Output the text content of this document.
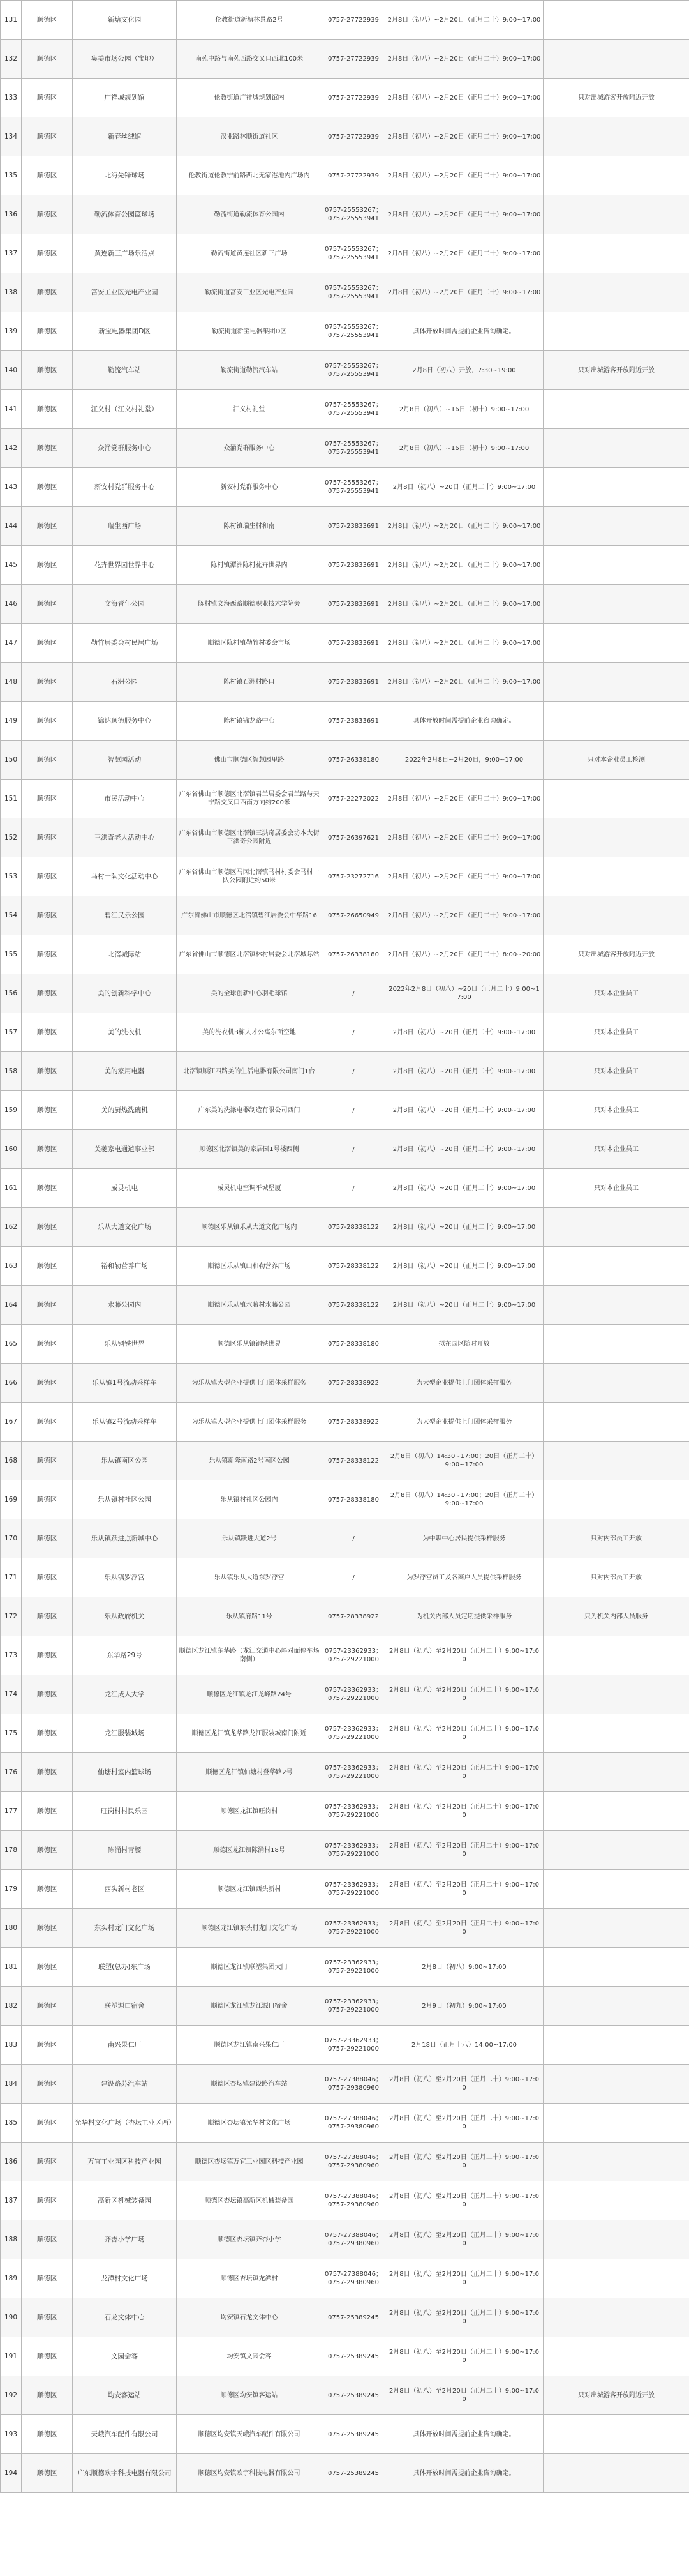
131	顺德区	新塘文化园	伦教街道新塘林景路2号	0757-27722939	2月8日（初八）~2月20日（正月二十）9:00~17:00	
132	顺德区	集美市场公园（宝地）	南苑中路与南苑西路交叉口西北100米	0757-27722939	2月8日（初八）~2月20日（正月二十）9:00~17:00	
133	顺德区	广祥城规划馆	伦教街道广祥城规划馆内	0757-27722939	2月8日（初八）~2月20日（正月二十）9:00~17:00	只对出城游客开放附近开放
134	顺德区	新春丝绒馆	汉业路林顺街道社区	0757-27722939	2月8日（初八）~2月20日（正月二十）9:00~17:00	
135	顺德区	北海先锋球场	伦教街道伦教宁前路西北无家港池内广场内	0757-27722939	2月8日（初八）~2月20日（正月二十）9:00~17:00	
136	顺德区	勒流体育公园篮球场	勒流街道勒流体育公园内	0757-25553267；0757-25553941	2月8日（初八）~2月20日（正月二十）9:00~17:00	
137	顺德区	黄连新三广场乐活点	勒流街道黄连社区新三广场	0757-25553267；0757-25553941	2月8日（初八）~2月20日（正月二十）9:00~17:00	
138	顺德区	富安工业区光电产业园	勒流街道富安工业区光电产业园	0757-25553267；0757-25553941	2月8日（初八）~2月20日（正月二十）9:00~17:00	
139	顺德区	新宝电器集团D区	勒流街道新宝电器集团D区	0757-25553267；0757-25553941	具体开放时间需提前企业咨询确定。	
140	顺德区	勒流汽车站	勒流街道勒流汽车站	0757-25553267；0757-25553941	2月8日（初八）开放，7:30~19:00	只对出城游客开放附近开放
141	顺德区	江义村（江义村礼堂）	江义村礼堂	0757-25553267；0757-25553941	2月8日（初八）~16日（初十）9:00~17:00	
142	顺德区	众涌党群服务中心	众涌党群服务中心	0757-25553267；0757-25553941	2月8日（初八）~16日（初十）9:00~17:00	
143	顺德区	新安村党群服务中心	新安村党群服务中心	0757-25553267；0757-25553941	2月8日（初八）~20日（正月二十）9:00~17:00	
144	顺德区	瑞生西广场	陈村镇瑞生村和南	0757-23833691	2月8日（初八）~2月20日（正月二十）9:00~17:00	
145	顺德区	花卉世界园世界中心	陈村镇潭洲陈村花卉世界内	0757-23833691	2月8日（初八）~2月20日（正月二十）9:00~17:00	
146	顺德区	文海青年公园	陈村镇文海西路顺德职业技术学院旁	0757-23833691	2月8日（初八）~2月20日（正月二十）9:00~17:00	
147	顺德区	勒竹居委会村民居广场	顺德区陈村镇勒竹村委会市场	0757-23833691	2月8日（初八）~2月20日（正月二十）9:00~17:00	
148	顺德区	石洲公园	陈村镇石洲村路口	0757-23833691	2月8日（初八）~2月20日（正月二十）9:00~17:00	
149	顺德区	锦达顺德服务中心	陈村镇锦龙路中心	0757-23833691	具体开放时间需提前企业咨询确定。	
150	顺德区	智慧园活动	佛山市顺德区智慧园里路	0757-26338180	2022年2月8日~2月20日，9:00~17:00	只对本企业员工检测
151	顺德区	市民活动中心	广东省佛山市顺德区北滘镇君兰居委会君兰路与天宁路交叉口西南方向约200米	0757-22272022	2月8日（初八）~2月20日（正月二十）9:00~17:00	
152	顺德区	三洪奇老人活动中心	广东省佛山市顺德区北滘镇三洪奇居委会坊本大街三洪奇公园附近	0757-26397621	2月8日（初八）~2月20日（正月二十）9:00~17:00	
153	顺德区	马村一队文化活动中心	广东省佛山市顺德区马冈北滘镇马村村委会马村一队公园附近约50米	0757-23272716	2月8日（初八）~2月20日（正月二十）9:00~17:00	
154	顺德区	碧江民乐公园	广东省佛山市顺德区北滘镇碧江居委会中华路16	0757-26650949	2月8日（初八）~2月20日（正月二十）9:00~17:00	
155	顺德区	北滘城际站	广东省佛山市顺德区北滘镇林村居委会北滘城际站	0757-26338180	2月8日（初八）~2月20日（正月二十）8:00~20:00	只对出城游客开放附近开放
156	顺德区	美的创新科学中心	美的全球创新中心羽毛球馆	/	2022年2月8日（初八）~20日（正月二十）9:00~17:00	只对本企业员工
157	顺德区	美的洗衣机	美的洗衣机B栋人才公寓东面空地	/	2月8日（初八）~20日（正月二十）9:00~17:00	只对本企业员工
158	顺德区	美的家用电器	北滘镇顺江四路美的生活电器有限公司南门1台	/	2月8日（初八）~20日（正月二十）9:00~17:00	只对本企业员工
159	顺德区	美的厨热洗碗机	广东美的洗涤电器制造有限公司西门	/	2月8日（初八）~20日（正月二十）9:00~17:00	只对本企业员工
160	顺德区	美菱家电通道事业部	顺德区北滘镇美的家居园1号楼西侧	/	2月8日（初八）~20日（正月二十）9:00~17:00	只对本企业员工
161	顺德区	威灵机电	威灵机电空调平城堡厦	/	2月8日（初八）~20日（正月二十）9:00~17:00	只对本企业员工
162	顺德区	乐从大道文化广场	顺德区乐从镇乐从大道文化广场内	0757-28338122	2月8日（初八）~20日（正月二十）9:00~17:00	
163	顺德区	裕和勒营养广场	顺德区乐从镇山和勒营养广场	0757-28338122	2月8日（初八）~20日（正月二十）9:00~17:00	
164	顺德区	水藤公园内	顺德区乐从镇水藤村水藤公园	0757-28338122	2月8日（初八）~20日（正月二十）9:00~17:00	
165	顺德区	乐从钢铁世界	顺德区乐从镇钢铁世界	0757-28338180	拟在园区随时开放	
166	顺德区	乐从镇1号流动采样车	为乐从镇大型企业提供上门团体采样服务	0757-28338922	为大型企业提供上门团体采样服务	
167	顺德区	乐从镇2号流动采样车	为乐从镇大型企业提供上门团体采样服务	0757-28338922	为大型企业提供上门团体采样服务	
168	顺德区	乐从镇南区公园	乐从镇新隆南路2号南区公园	0757-28338122	2月8日（初八）14:30~17:00；20日（正月二十）9:00~17:00	
169	顺德区	乐从镇村社区公园	乐从镇村社区公园内	0757-28338180	2月8日（初八）14:30~17:00；20日（正月二十）9:00~17:00	
170	顺德区	乐从镇跃进点新城中心	乐从镇跃进大道2号	/	为中职中心居民提供采样服务	只对内部员工开放
171	顺德区	乐从镇罗浮宫	乐从镇乐从大道东罗浮宫	/	为罗浮宫员工及各商户人员提供采样服务	只对内部员工开放
172	顺德区	乐从政府机关	乐从镇府路11号	0757-28338922	为机关内部人员定期提供采样服务	只为机关内部人员服务
173	顺德区	东华路29号	顺德区龙江镇东华路（龙江交通中心斜对面停车场南侧）	0757-23362933；0757-29221000	2月8日（初八）至2月20日（正月二十）9:00~17:00	
174	顺德区	龙江成人大学	顺德区龙江镇龙江龙峰路24号	0757-23362933；0757-29221000	2月8日（初八）至2月20日（正月二十）9:00~17:00	
175	顺德区	龙江服装城场	顺德区龙江镇龙华路龙江服装城南门附近	0757-23362933；0757-29221000	2月8日（初八）至2月20日（正月二十）9:00~17:00	
176	顺德区	仙塘村室内篮球场	顺德区龙江镇仙塘村登华路2号	0757-23362933；0757-29221000	2月8日（初八）至2月20日（正月二十）9:00~17:00	
177	顺德区	旺岗村村民乐园	顺德区龙江镇旺岗村	0757-23362933；0757-29221000	2月8日（初八）至2月20日（正月二十）9:00~17:00	
178	顺德区	陈涌村青腰	顺德区龙江镇陈涌村18号	0757-23362933；0757-29221000	2月8日（初八）至2月20日（正月二十）9:00~17:00	
179	顺德区	西头新村老区	顺德区龙江镇西头新村	0757-23362933；0757-29221000	2月8日（初八）至2月20日（正月二十）9:00~17:00	
180	顺德区	东头村龙门文化广场	顺德区龙江镇东头村龙门文化广场	0757-23362933；0757-29221000	2月8日（初八）至2月20日（正月二十）9:00~17:00	
181	顺德区	联塑(总办)东广场	顺德区龙江镇联塑集团大门	0757-23362933；0757-29221000	2月8日（初八）9:00~17:00	
182	顺德区	联塑源口宿舍	顺德区龙江镇龙江源口宿舍	0757-23362933；0757-29221000	2月9日（初九）9:00~17:00	
183	顺德区	南兴果仁厂	顺德区龙江镇南兴果仁厂	0757-23362933；0757-29221000	2月18日（正月十八）14:00~17:00	
184	顺德区	建设路苏汽车站	顺德区杏坛镇建设路汽车站	0757-27388046；0757-29380960	2月8日（初八）至2月20日（正月二十）9:00~17:00	
185	顺德区	光华村文化广场（杏坛工业区西）	顺德区杏坛镇光华村文化广场	0757-27388046；0757-29380960	2月8日（初八）至2月20日（正月二十）9:00~17:00	
186	顺德区	万宜工业园区科技产业园	顺德区杏坛镇万宜工业园区科技产业园	0757-27388046；0757-29380960	2月8日（初八）至2月20日（正月二十）9:00~17:00	
187	顺德区	高新区机械装备园	顺德区杏坛镇高新区机械装备园	0757-27388046；0757-29380960	2月8日（初八）至2月20日（正月二十）9:00~17:00	
188	顺德区	齐杏小学广场	顺德区杏坛镇齐杏小学	0757-27388046；0757-29380960	2月8日（初八）至2月20日（正月二十）9:00~17:00	
189	顺德区	龙潭村文化广场	顺德区杏坛镇龙潭村	0757-27388046；0757-29380960	2月8日（初八）至2月20日（正月二十）9:00~17:00	
190	顺德区	石龙文体中心	均安镇石龙文体中心	0757-25389245	2月8日（初八）至2月20日（正月二十）9:00~17:00	
191	顺德区	文园会客	均安镇文园会客	0757-25389245	2月8日（初八）至2月20日（正月二十）9:00~17:00	
192	顺德区	均安客运站	顺德区均安镇客运站	0757-25389245	2月8日（初八）至2月20日（正月二十）9:00~17:00	只对出城游客开放附近开放
193	顺德区	天峨汽车配件有限公司	顺德区均安镇天峨汽车配件有限公司	0757-25389245	具体开放时间需提前企业咨询确定。	
194	顺德区	广东顺德欧宇科技电器有限公司	顺德区均安镇欧宇科技电器有限公司	0757-25389245	具体开放时间需提前企业咨询确定。	
